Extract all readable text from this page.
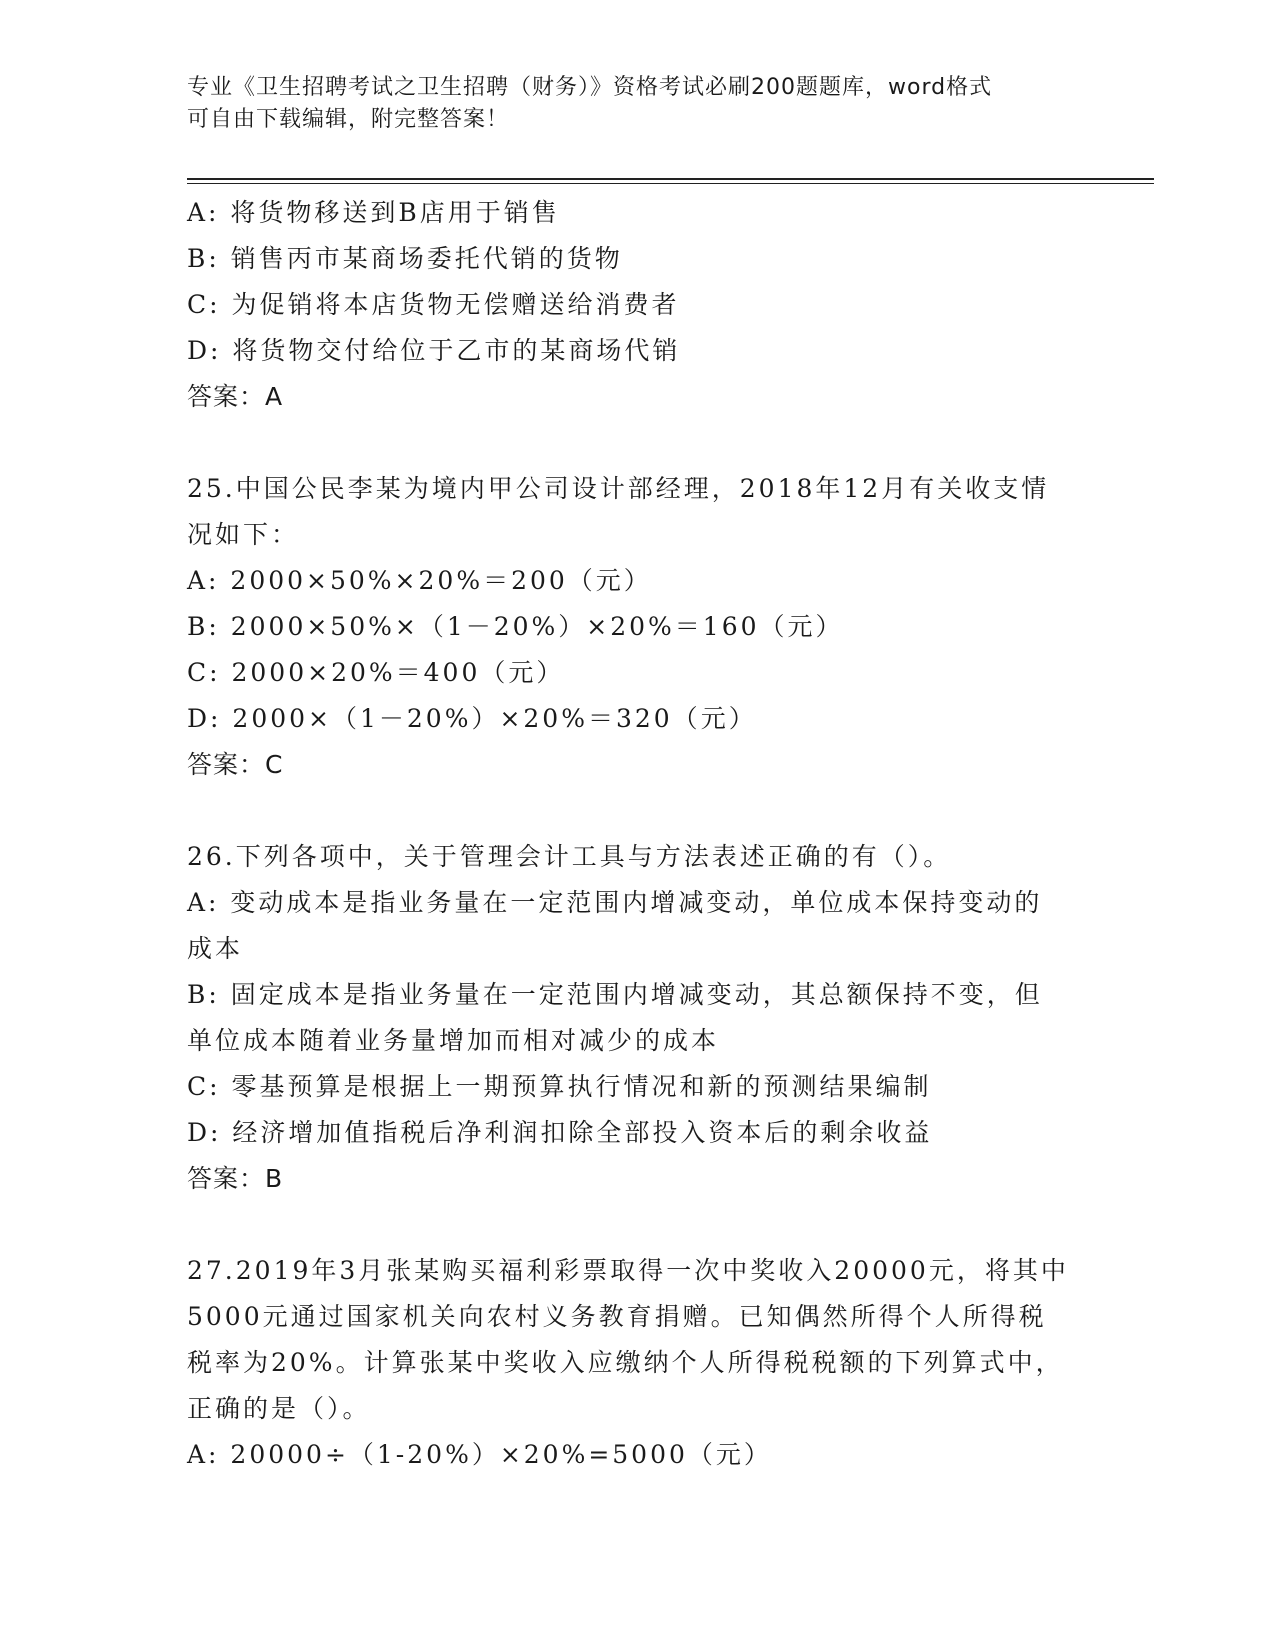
专业《卫生招聘考试之卫生招聘（财务）》资格考试必刷200题题库，word格式
可自由下载编辑，附完整答案！
A: 将货物移送到B店用于销售
B: 销售丙市某商场委托代销的货物
C: 为促销将本店货物无偿赠送给消费者
D: 将货物交付给位于乙市的某商场代销
答案：A
25.中国公民李某为境内甲公司设计部经理，2018年12月有关收支情
况如下：
A: 2000×50%×20%＝200（元）
B: 2000×50%×（1－20%）×20%＝160（元）
C: 2000×20%＝400（元）
D: 2000×（1－20%）×20%＝320（元）
答案：C
26.下列各项中，关于管理会计工具与方法表述正确的有（）。
A: 变动成本是指业务量在一定范围内增减变动，单位成本保持变动的
成本
B: 固定成本是指业务量在一定范围内增减变动，其总额保持不变，但
单位成本随着业务量增加而相对减少的成本
C: 零基预算是根据上一期预算执行情况和新的预测结果编制
D: 经济增加值指税后净利润扣除全部投入资本后的剩余收益
答案：B
27.2019年3月张某购买福利彩票取得一次中奖收入20000元，将其中
5000元通过国家机关向农村义务教育捐赠。已知偶然所得个人所得税
税率为20%。计算张某中奖收入应缴纳个人所得税税额的下列算式中，
正确的是（）。
A: 20000÷（1-20%）×20%=5000（元）
